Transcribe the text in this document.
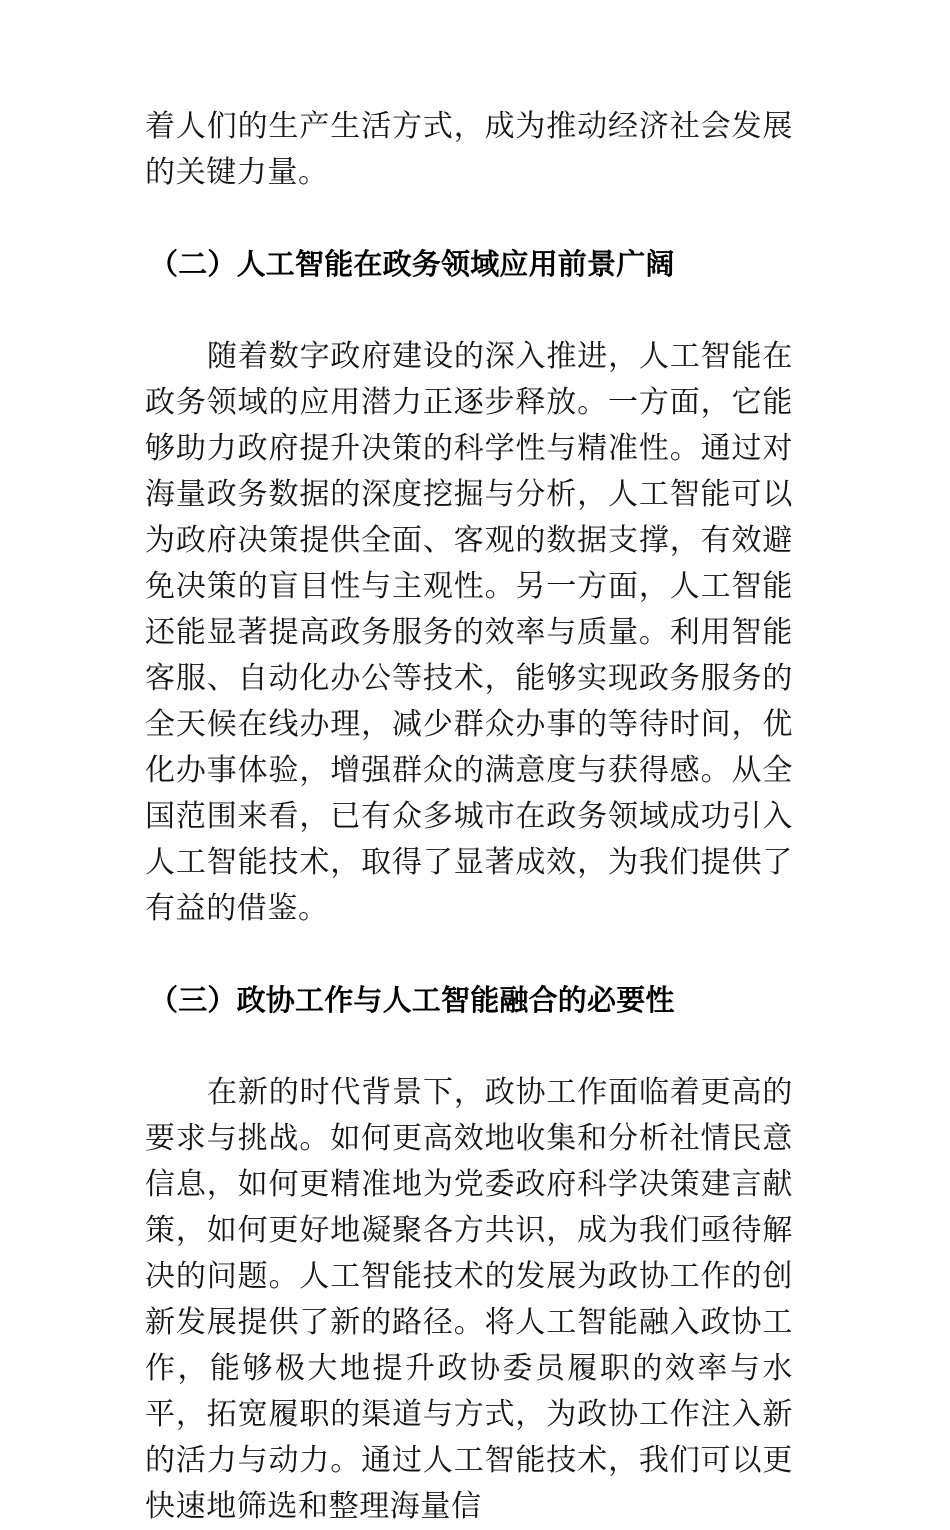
着人们的生产生活方式，成为推动经济社会发展的关键力量。

（二）人工智能在政务领域应用前景广阔

随着数字政府建设的深入推进，人工智能在政务领域的应用潜力正逐步释放。一方面，它能够助力政府提升决策的科学性与精准性。通过对海量政务数据的深度挖掘与分析，人工智能可以为政府决策提供全面、客观的数据支撑，有效避免决策的盲目性与主观性。另一方面，人工智能还能显著提高政务服务的效率与质量。利用智能客服、自动化办公等技术，能够实现政务服务的全天候在线办理，减少群众办事的等待时间，优化办事体验，增强群众的满意度与获得感。从全国范围来看，已有众多城市在政务领域成功引入人工智能技术，取得了显著成效，为我们提供了有益的借鉴。

（三）政协工作与人工智能融合的必要性

在新的时代背景下，政协工作面临着更高的要求与挑战。如何更高效地收集和分析社情民意信息，如何更精准地为党委政府科学决策建言献策，如何更好地凝聚各方共识，成为我们亟待解决的问题。人工智能技术的发展为政协工作的创新发展提供了新的路径。将人工智能融入政协工作，能够极大地提升政协委员履职的效率与水平，拓宽履职的渠道与方式，为政协工作注入新的活力与动力。通过人工智能技术，我们可以更快速地筛选和整理海量信
